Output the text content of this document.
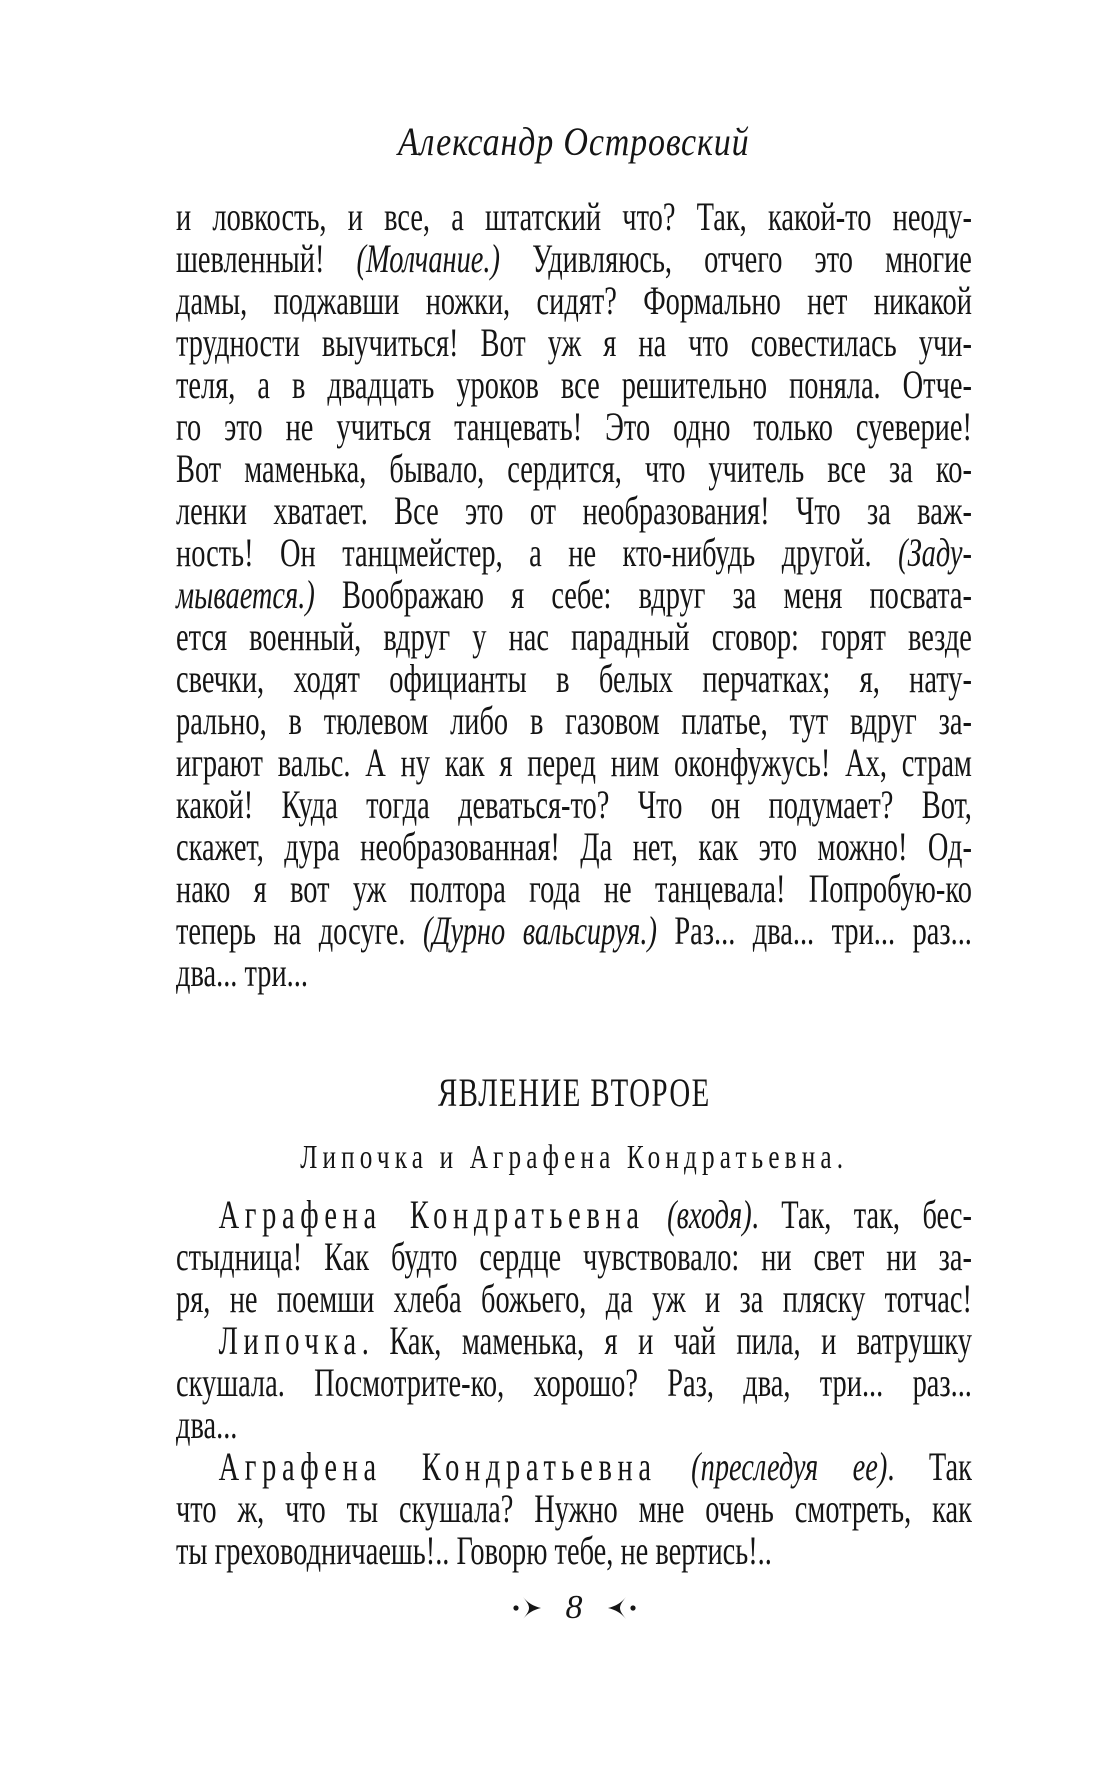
Александр Островский
и ловкость, и все, а штатский что? Так, какой-то неоду-
шевленный! (Молчание.) Удивляюсь, отчего это многие
дамы, поджавши ножки, сидят? Формально нет никакой
трудности выучиться! Вот уж я на что совестилась учи-
теля, а в двадцать уроков все решительно поняла. Отче-
го это не учиться танцевать! Это одно только суеверие!
Вот маменька, бывало, сердится, что учитель все за ко-
ленки хватает. Все это от необразования! Что за важ-
ность! Он танцмейстер, а не кто-нибудь другой. (Заду-
мывается.) Воображаю я себе: вдруг за меня посвата-
ется военный, вдруг у нас парадный сговор: горят везде
свечки, ходят официанты в белых перчатках; я, нату-
рально, в тюлевом либо в газовом платье, тут вдруг за-
играют вальс. А ну как я перед ним оконфужусь! Ах, страм
какой! Куда тогда деваться-то? Что он подумает? Вот,
скажет, дура необразованная! Да нет, как это можно! Од-
нако я вот уж полтора года не танцевала! Попробую-ко
теперь на досуге. (Дурно вальсируя.) Раз... два... три... раз...
два... три...
ЯВЛЕНИЕ ВТОРОЕ
Липочка и Аграфена Кондратьевна.
Аграфена Кондратьевна (входя). Так, так, бес-
стыдница! Как будто сердце чувствовало: ни свет ни за-
ря, не поемши хлеба божьего, да уж и за пляску тотчас!
Липочка. Как, маменька, я и чай пила, и ватрушку
скушала. Посмотрите-ко, хорошо? Раз, два, три... раз...
два...
Аграфена Кондратьевна (преследуя ее). Так
что ж, что ты скушала? Нужно мне очень смотреть, как
ты греховодничаешь!.. Говорю тебе, не вертись!..
8
